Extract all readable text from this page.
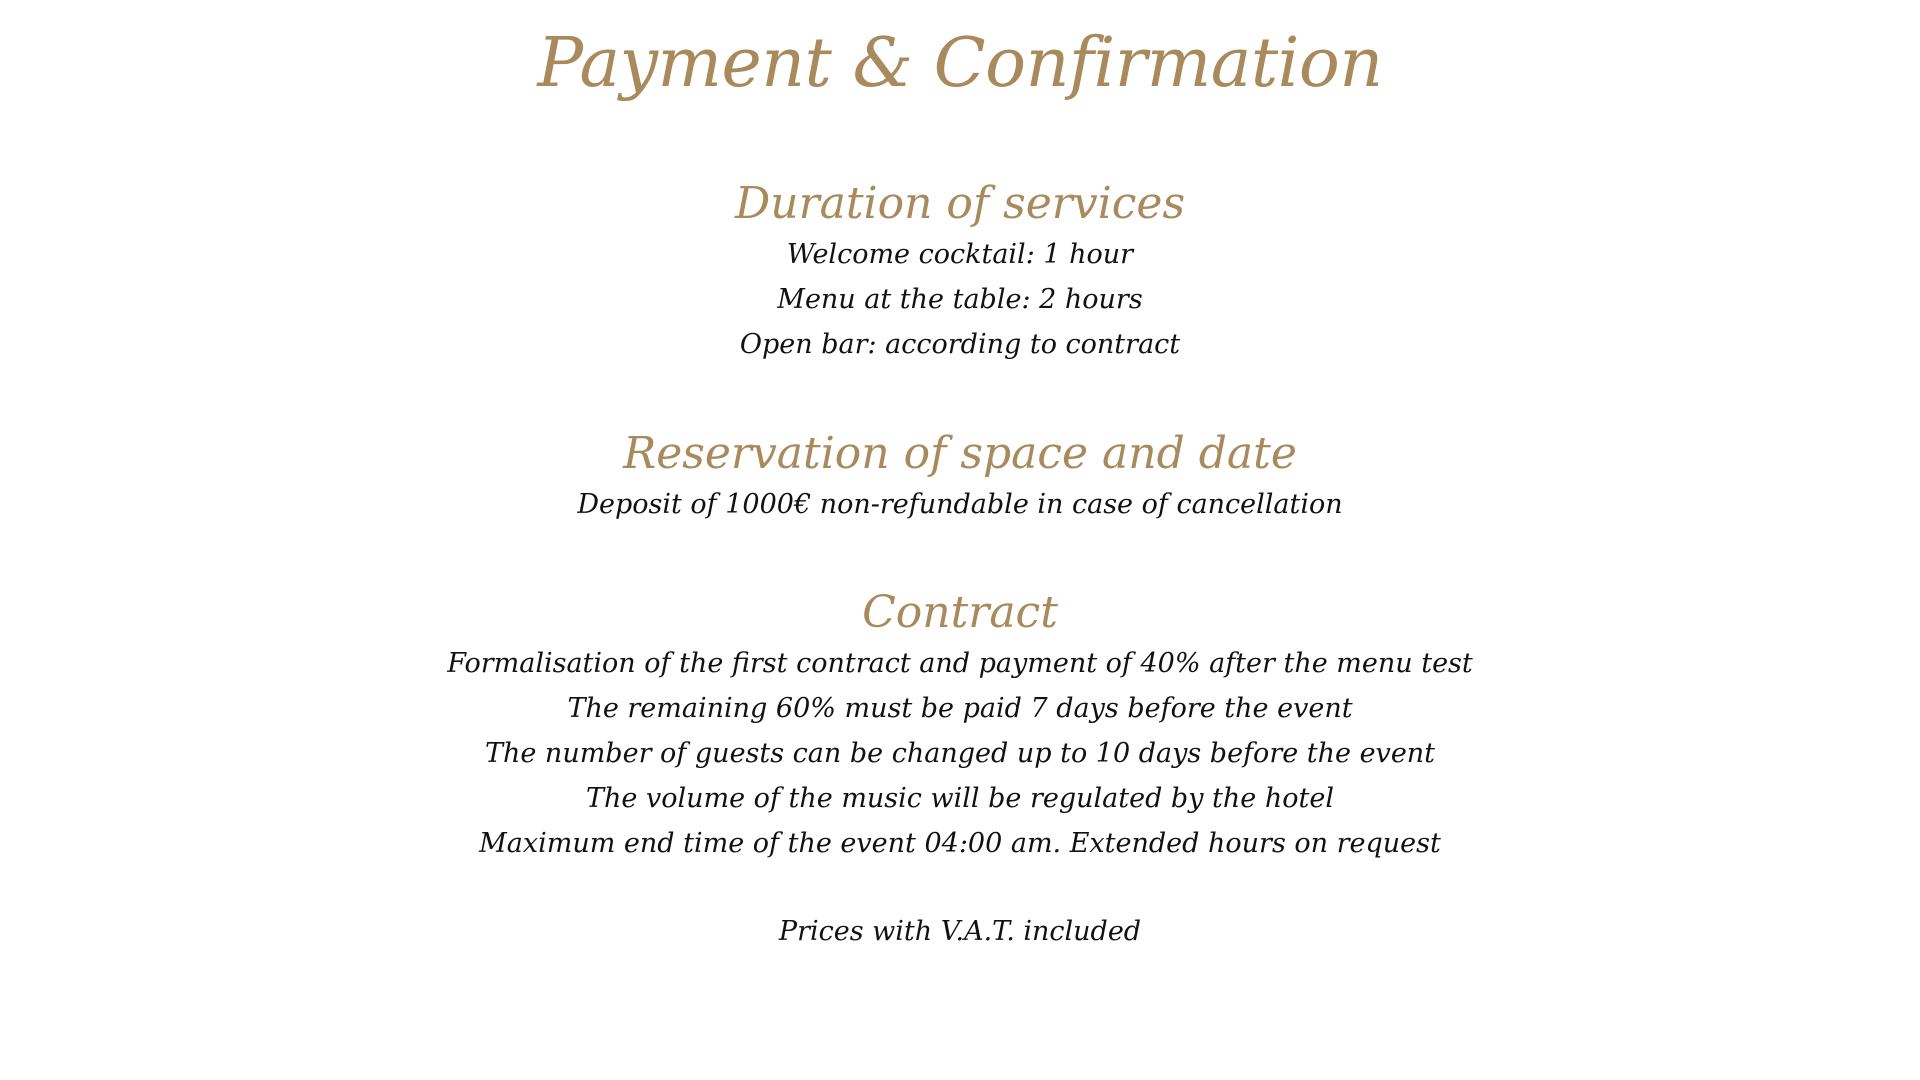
Payment & Confirmation
Duration of services

Welcome cocktail: 1 hour

Menu at the table: 2 hours

Open bar: according to contract

Reservation of space and date

Deposit of 1000€ non-refundable in case of cancellation

Contract

Formalisation of the first contract and payment of 40% after the menu test

The remaining 60% must be paid 7 days before the event

The number of guests can be changed up to 10 days before the event

The volume of the music will be regulated by the hotel

Maximum end time of the event 04:00 am. Extended hours on request

Prices with V.A.T. included
